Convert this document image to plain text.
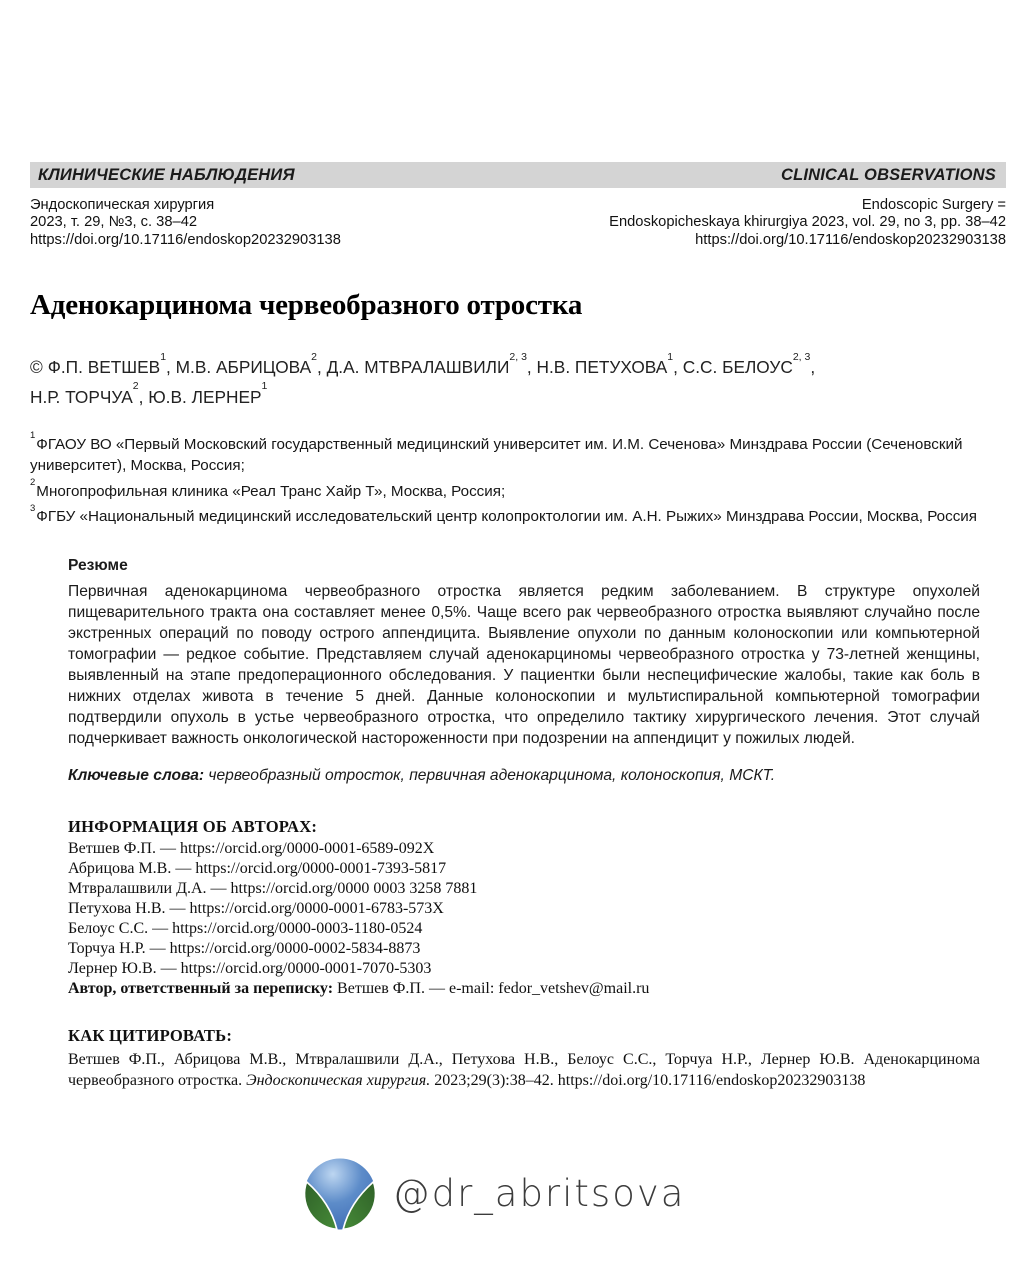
КЛИНИЧЕСКИЕ НАБЛЮДЕНИЯ	CLINICAL OBSERVATIONS
Эндоскопическая хирургия
2023, т. 29, №3, с. 38–42
https://doi.org/10.17116/endoskop20232903138
Endoscopic Surgery =
Endoskopicheskaya khirurgiya 2023, vol. 29, no 3, pp. 38–42
https://doi.org/10.17116/endoskop20232903138
Аденокарцинома червеобразного отростка
© Ф.П. ВЕТШЕВ$^1$, М.В. АБРИЦОВА$^2$, Д.А. МТВРАЛАШВИЛИ$^{2, 3}$, Н.В. ПЕТУХОВА$^1$, С.С. БЕЛОУС$^{2, 3}$,
Н.Р. ТОРЧУА$^2$, Ю.В. ЛЕРНЕР$^1$
$^1$ФГАОУ ВО «Первый Московский государственный медицинский университет им. И.М. Сеченова» Минздрава России (Сеченовский университет), Москва, Россия;
$^2$Многопрофильная клиника «Реал Транс Хайр Т», Москва, Россия;
$^3$ФГБУ «Национальный медицинский исследовательский центр колопроктологии им. А.Н. Рыжих» Минздрава России, Москва, Россия
Резюме
Первичная аденокарцинома червеобразного отростка является редким заболеванием. В структуре опухолей пищеварительного тракта она составляет менее 0,5%. Чаще всего рак червеобразного отростка выявляют случайно после экстренных операций по поводу острого аппендицита. Выявление опухоли по данным колоноскопии или компьютерной томографии — редкое событие. Представляем случай аденокарциномы червеобразного отростка у 73-летней женщины, выявленный на этапе предоперационного обследования. У пациентки были неспецифические жалобы, такие как боль в нижних отделах живота в течение 5 дней. Данные колоноскопии и мультиспиральной компьютерной томографии подтвердили опухоль в устье червеобразного отростка, что определило тактику хирургического лечения. Этот случай подчеркивает важность онкологической настороженности при подозрении на аппендицит у пожилых людей.
Ключевые слова: червеобразный отросток, первичная аденокарцинома, колоноскопия, МСКТ.
ИНФОРМАЦИЯ ОБ АВТОРАХ:
Ветшев Ф.П. — https://orcid.org/0000-0001-6589-092X
Абрицова М.В. — https://orcid.org/0000-0001-7393-5817
Мтвралашвили Д.А. — https://orcid.org/0000 0003 3258 7881
Петухова Н.В. — https://orcid.org/0000-0001-6783-573X
Белоус С.С. — https://orcid.org/0000-0003-1180-0524
Торчуа Н.Р. — https://orcid.org/0000-0002-5834-8873
Лернер Ю.В. — https://orcid.org/0000-0001-7070-5303
Автор, ответственный за переписку: Ветшев Ф.П. — e-mail: fedor_vetshev@mail.ru
КАК ЦИТИРОВАТЬ:
Ветшев Ф.П., Абрицова М.В., Мтвралашвили Д.А., Петухова Н.В., Белоус С.С., Торчуа Н.Р., Лернер Ю.В. Аденокарцинома червеобразного отростка. Эндоскопическая хирургия. 2023;29(3):38–42. https://doi.org/10.17116/endoskop20232903138
@dr_abritsova
